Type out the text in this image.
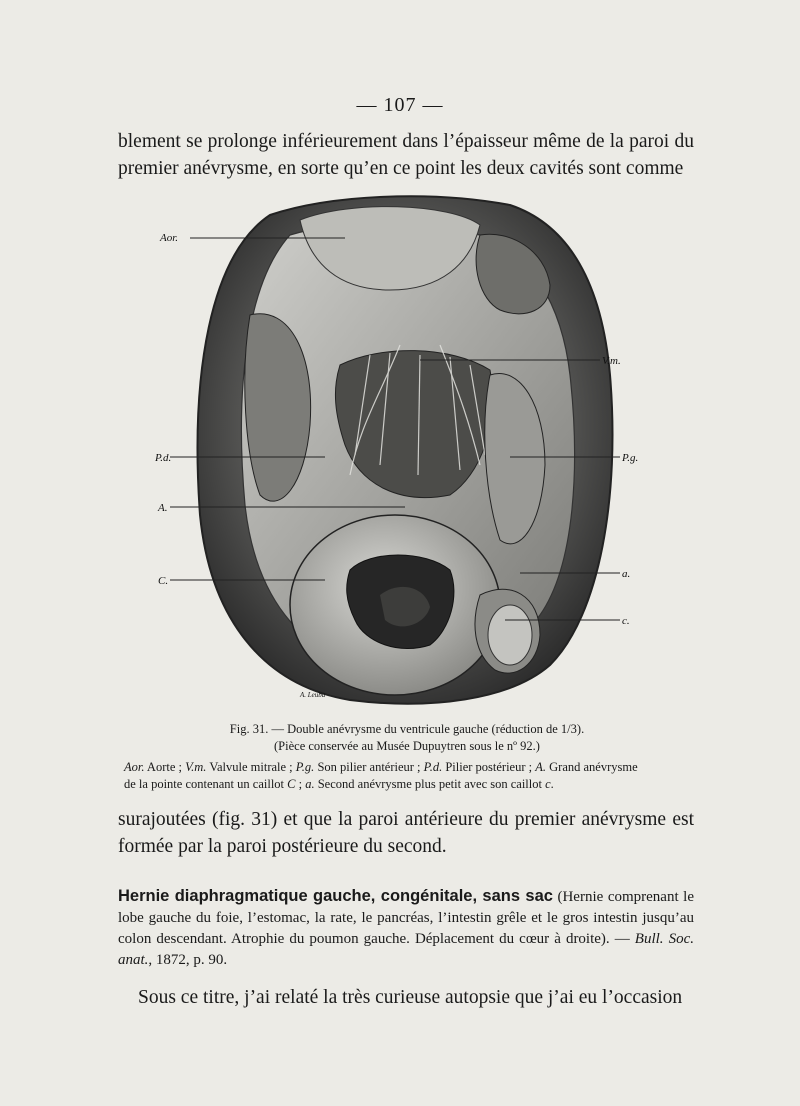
— 107 —

blement se prolonge inférieurement dans l’épaisseur même de la paroi du premier anévrysme, en sorte qu’en ce point les deux cavités sont comme

Aor.
V.m.
P.d.	P.g.
A.
a.
C.
c.
A. Leuba
Fig. 31. — Double anévrysme du ventricule gauche (réduction de 1/3).
(Pièce conservée au Musée Dupuytren sous le nº 92.)
Aor. Aorte ; V.m. Valvule mitrale ; P.g. Son pilier antérieur ; P.d. Pilier postérieur ; A. Grand anévrysme
de la pointe contenant un caillot C ; a. Second anévrysme plus petit avec son caillot c.

surajoutées (fig. 31) et que la paroi antérieure du premier anévrysme est formée par la paroi postérieure du second.

Hernie diaphragmatique gauche, congénitale, sans sac (Hernie comprenant le lobe gauche du foie, l’estomac, la rate, le pancréas, l’intestin grêle et le gros intestin jusqu’au colon descendant. Atrophie du poumon gauche. Déplacement du cœur à droite). — Bull. Soc. anat., 1872, p. 90.

Sous ce titre, j’ai relaté la très curieuse autopsie que j’ai eu l’occasion
